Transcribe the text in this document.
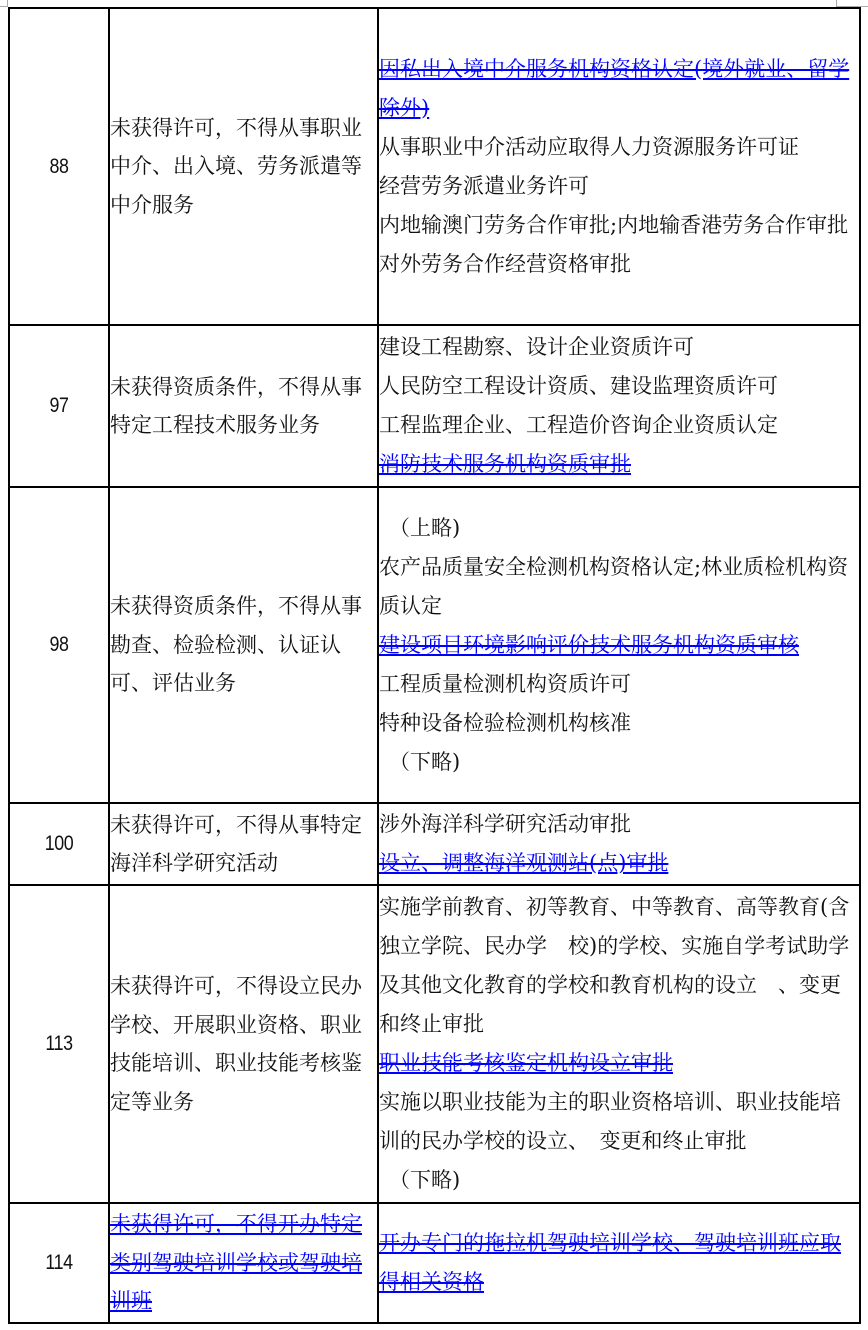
88	未获得许可，不得从事职业中介、出入境、劳务派遣等中介服务	因私出入境中介服务机构资格认定(境外就业、留学除外)
从事职业中介活动应取得人力资源服务许可证
经营劳务派遣业务许可
内地输澳门劳务合作审批;内地输香港劳务合作审批
对外劳务合作经营资格审批

97	未获得资质条件，不得从事特定工程技术服务业务	建设工程勘察、设计企业资质许可
人民防空工程设计资质、建设监理资质许可
工程监理企业、工程造价咨询企业资质认定
消防技术服务机构资质审批

98	未获得资质条件，不得从事勘查、检验检测、认证认可、评估业务	
（上略)
农产品质量安全检测机构资格认定;林业质检机构资质认定
建设项目环境影响评价技术服务机构资质审核
工程质量检测机构资质许可
特种设备检验检测机构核准
（下略)

100	未获得许可，不得从事特定海洋科学研究活动	涉外海洋科学研究活动审批
设立、调整海洋观测站(点)审批

113	未获得许可，不得设立民办学校、开展职业资格、职业技能培训、职业技能考核鉴定等业务	实施学前教育、初等教育、中等教育、高等教育(含独立学院、民办学　校)的学校、实施自学考试助学及其他文化教育的学校和教育机构的设立　、变更和终止审批
职业技能考核鉴定机构设立审批
实施以职业技能为主的职业资格培训、职业技能培训的民办学校的设立、　变更和终止审批
（下略)

114	未获得许可，不得开办特定类别驾驶培训学校或驾驶培训班	开办专门的拖拉机驾驶培训学校、驾驶培训班应取得相关资格
